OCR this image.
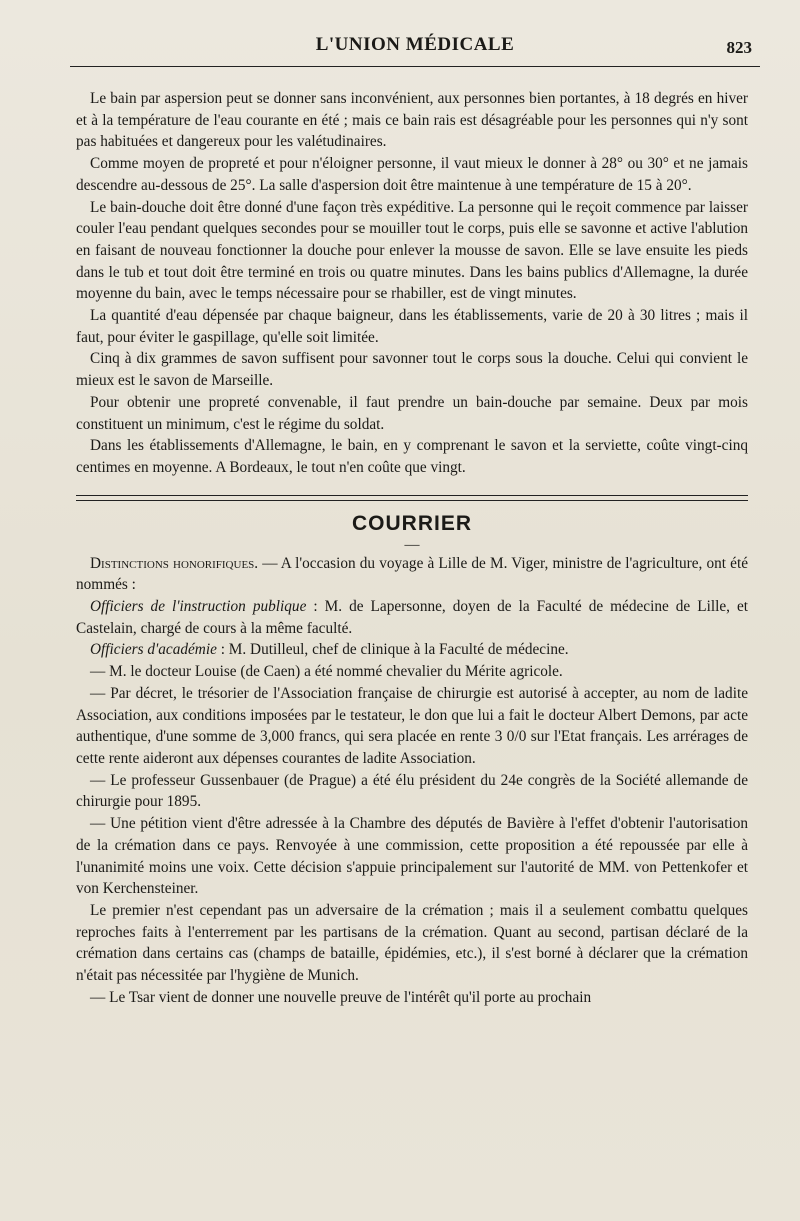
L'UNION MÉDICALE	823

Le bain par aspersion peut se donner sans inconvénient, aux personnes bien portantes, à 18 degrés en hiver et à la température de l'eau courante en été ; mais ce bain rais est désagréable pour les personnes qui n'y sont pas habituées et dangereux pour les valétudinaires.

Comme moyen de propreté et pour n'éloigner personne, il vaut mieux le donner à 28° ou 30° et ne jamais descendre au-dessous de 25°. La salle d'aspersion doit être maintenue à une température de 15 à 20°.

Le bain-douche doit être donné d'une façon très expéditive. La personne qui le reçoit commence par laisser couler l'eau pendant quelques secondes pour se mouiller tout le corps, puis elle se savonne et active l'ablution en faisant de nouveau fonctionner la douche pour enlever la mousse de savon. Elle se lave ensuite les pieds dans le tub et tout doit être terminé en trois ou quatre minutes. Dans les bains publics d'Allemagne, la durée moyenne du bain, avec le temps nécessaire pour se rhabiller, est de vingt minutes.

La quantité d'eau dépensée par chaque baigneur, dans les établissements, varie de 20 à 30 litres ; mais il faut, pour éviter le gaspillage, qu'elle soit limitée.

Cinq à dix grammes de savon suffisent pour savonner tout le corps sous la douche. Celui qui convient le mieux est le savon de Marseille.

Pour obtenir une propreté convenable, il faut prendre un bain-douche par semaine. Deux par mois constituent un minimum, c'est le régime du soldat.

Dans les établissements d'Allemagne, le bain, en y comprenant le savon et la serviette, coûte vingt-cinq centimes en moyenne. A Bordeaux, le tout n'en coûte que vingt.

COURRIER
—

Distinctions honorifiques. — A l'occasion du voyage à Lille de M. Viger, ministre de l'agriculture, ont été nommés :

Officiers de l'instruction publique : M. de Lapersonne, doyen de la Faculté de médecine de Lille, et Castelain, chargé de cours à la même faculté.

Officiers d'académie : M. Dutilleul, chef de clinique à la Faculté de médecine.

— M. le docteur Louise (de Caen) a été nommé chevalier du Mérite agricole.

— Par décret, le trésorier de l'Association française de chirurgie est autorisé à accepter, au nom de ladite Association, aux conditions imposées par le testateur, le don que lui a fait le docteur Albert Demons, par acte authentique, d'une somme de 3,000 francs, qui sera placée en rente 3 0/0 sur l'Etat français. Les arrérages de cette rente aideront aux dépenses courantes de ladite Association.

— Le professeur Gussenbauer (de Prague) a été élu président du 24e congrès de la Société allemande de chirurgie pour 1895.

— Une pétition vient d'être adressée à la Chambre des députés de Bavière à l'effet d'obtenir l'autorisation de la crémation dans ce pays. Renvoyée à une commission, cette proposition a été repoussée par elle à l'unanimité moins une voix. Cette décision s'appuie principalement sur l'autorité de MM. von Pettenkofer et von Kerchensteiner.

Le premier n'est cependant pas un adversaire de la crémation ; mais il a seulement combattu quelques reproches faits à l'enterrement par les partisans de la crémation. Quant au second, partisan déclaré de la crémation dans certains cas (champs de bataille, épidémies, etc.), il s'est borné à déclarer que la crémation n'était pas nécessitée par l'hygiène de Munich.

— Le Tsar vient de donner une nouvelle preuve de l'intérêt qu'il porte au prochain
